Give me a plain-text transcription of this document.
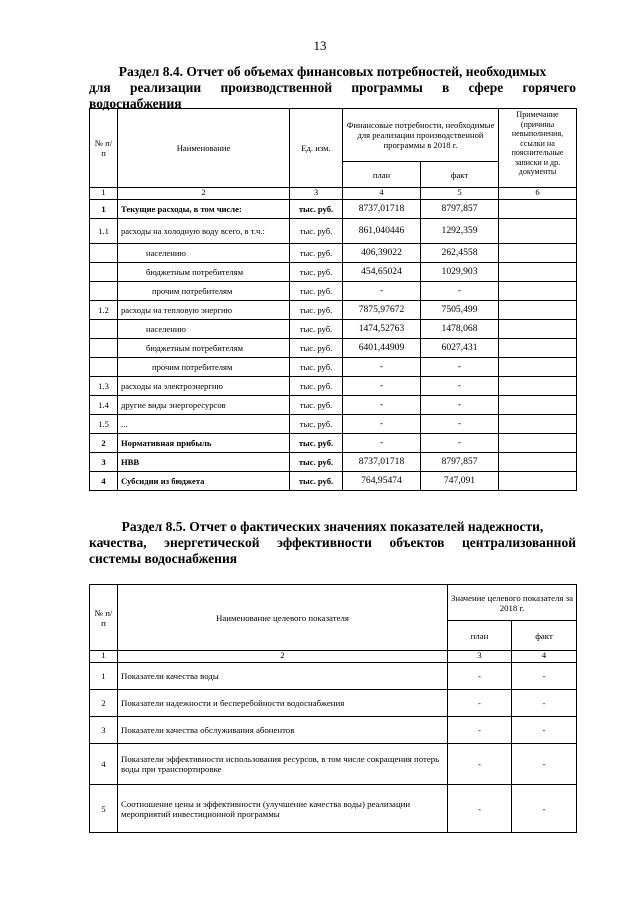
13
Раздел 8.4. Отчет об объемах финансовых потребностей, необходимых
для реализации производственной программы в сфере горячего
водоснабжения
№ п/п	Наименование	Ед. изм.	Финансовые потребности, необходимые для реализации производственной программы в 2018 г.		Примечание (причины невыполнения, ссылки на пояснительные записки и др. документы
			план	факт	
1	2	3	4	5	6
1	Текущие расходы, в том числе:	тыс. руб.	8737,01718	8797,857	
1.1	расходы на холодную воду всего, в т.ч.:	тыс. руб.	861,040446	1292,359	
	населению	тыс. руб.	406,39022	262,4558	
	бюджетным потребителям	тыс. руб.	454,65024	1029,903	
	прочим потребителям	тыс. руб.	-	-	
1.2	расходы на тепловую энергию	тыс. руб.	7875,97672	7505,499	
	населению	тыс. руб.	1474,52763	1478,068	
	бюджетным потребителям	тыс. руб.	6401,44909	6027,431	
	прочим потребителям	тыс. руб.	-	-	
1.3	расходы на электроэнергию	тыс. руб.	-	-	
1.4	другие виды энергоресурсов	тыс. руб.	-	-	
1.5	...	тыс. руб.	-	-	
2	Нормативная прибыль	тыс. руб.	-	-	
3	НВВ	тыс. руб.	8737,01718	8797,857	
4	Субсидии из бюджета	тыс. руб.	764,95474	747,091	
Раздел 8.5. Отчет о фактических значениях показателей надежности,
качества, энергетической эффективности объектов централизованной
системы водоснабжения
№ п/п	Наименование целевого показателя	Значение целевого показателя за 2018 г.	
		план	факт
1	2	3	4
1	Показатели качества воды	-	-
2	Показатели надежности и бесперебойности водоснабжения	-	-
3	Показатели качества обслуживания абонентов	-	-
4	Показатели эффективности использования ресурсов, в том числе сокращения потерь воды при транспортировке	-	-
5	Соотношение цены и эффективности (улучшение качества воды) реализации мероприятий инвестиционной программы	-	-
